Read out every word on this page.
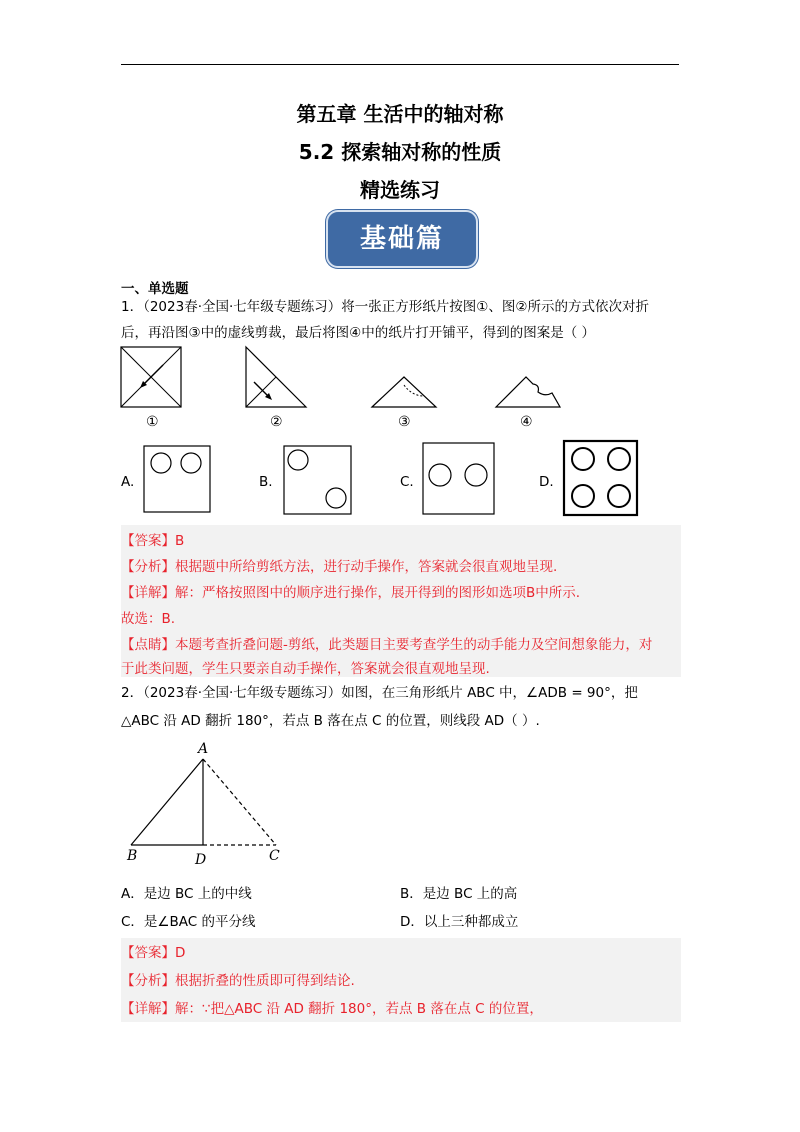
第五章 生活中的轴对称
5.2 探索轴对称的性质
精选练习
基础篇
一、单选题
1．（2023春·全国·七年级专题练习）将一张正方形纸片按图①、图②所示的方式依次对折
后，再沿图③中的虚线剪裁，最后将图④中的纸片打开铺平，得到的图案是（ ）
①	②	③	④
A.	B.	C.	D.
【答案】B
【分析】根据题中所给剪纸方法，进行动手操作，答案就会很直观地呈现.
【详解】解：严格按照图中的顺序进行操作，展开得到的图形如选项B中所示.
故选：B.
【点睛】本题考查折叠问题-剪纸，此类题目主要考查学生的动手能力及空间想象能力，对
于此类问题，学生只要亲自动手操作，答案就会很直观地呈现.
2．（2023春·全国·七年级专题练习）如图，在三角形纸片 ABC 中，∠ADB = 90°，把
△ABC 沿 AD 翻折 180°，若点 B 落在点 C 的位置，则线段 AD（ ）.
A
B	D	C
A．是边 BC 上的中线	B．是边 BC 上的高
C．是∠BAC 的平分线	D．以上三种都成立
【答案】D
【分析】根据折叠的性质即可得到结论.
【详解】解：∵把△ABC 沿 AD 翻折 180°，若点 B 落在点 C 的位置，
